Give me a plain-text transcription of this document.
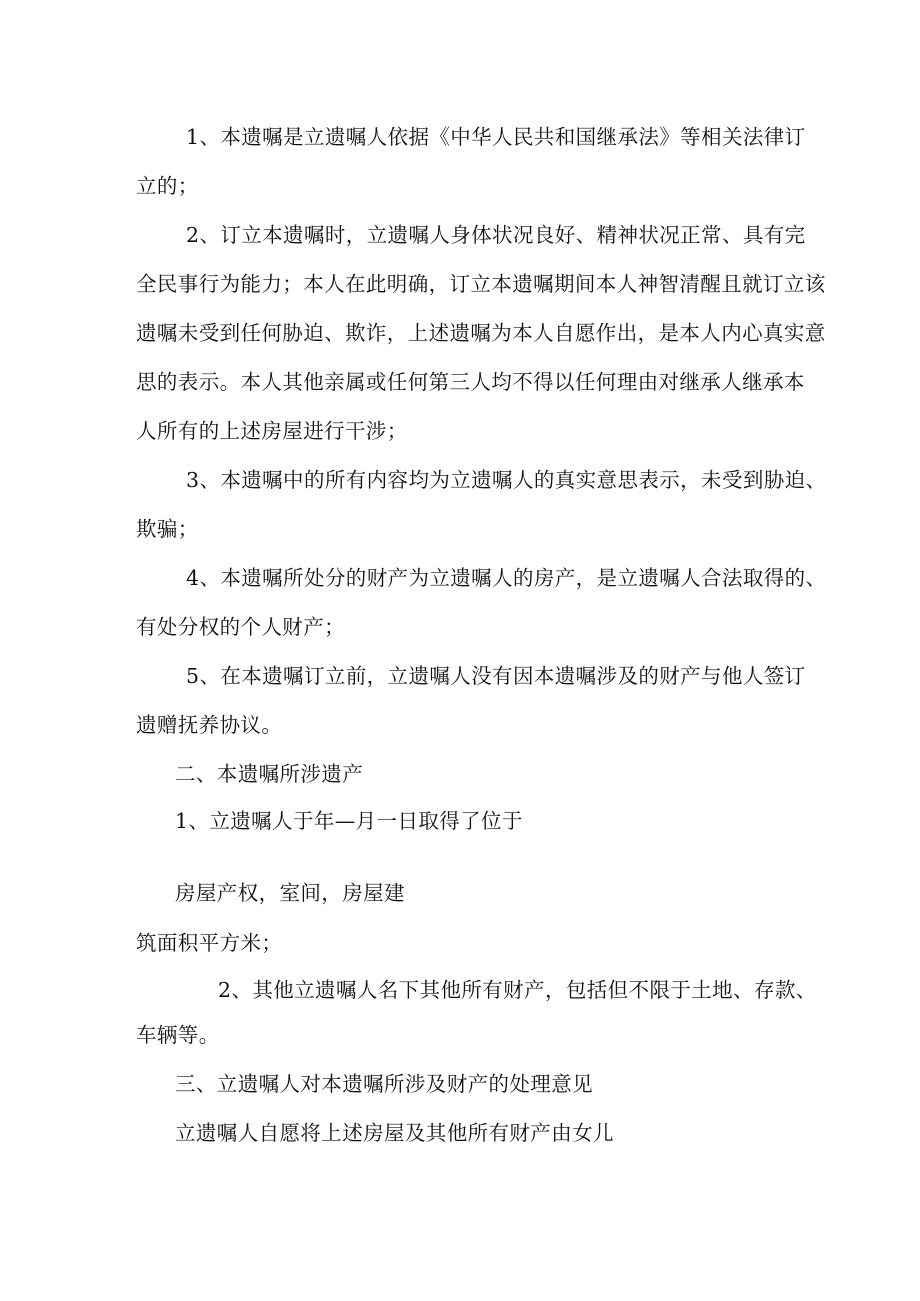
1、本遗嘱是立遗嘱人依据《中华人民共和国继承法》等相关法律订

立的；

2、订立本遗嘱时，立遗嘱人身体状况良好、精神状况正常、具有完

全民事行为能力；本人在此明确，订立本遗嘱期间本人神智清醒且就订立该

遗嘱未受到任何胁迫、欺诈，上述遗嘱为本人自愿作出，是本人内心真实意

思的表示。本人其他亲属或任何第三人均不得以任何理由对继承人继承本

人所有的上述房屋进行干涉；

3、本遗嘱中的所有内容均为立遗嘱人的真实意思表示，未受到胁迫、

欺骗；

4、本遗嘱所处分的财产为立遗嘱人的房产，是立遗嘱人合法取得的、

有处分权的个人财产；

5、在本遗嘱订立前，立遗嘱人没有因本遗嘱涉及的财产与他人签订

遗赠抚养协议。

二、本遗嘱所涉遗产

1、立遗嘱人于年—月一日取得了位于

房屋产权，室间，房屋建

筑面积平方米；

2、其他立遗嘱人名下其他所有财产，包括但不限于土地、存款、

车辆等。

三、立遗嘱人对本遗嘱所涉及财产的处理意见

立遗嘱人自愿将上述房屋及其他所有财产由女儿
